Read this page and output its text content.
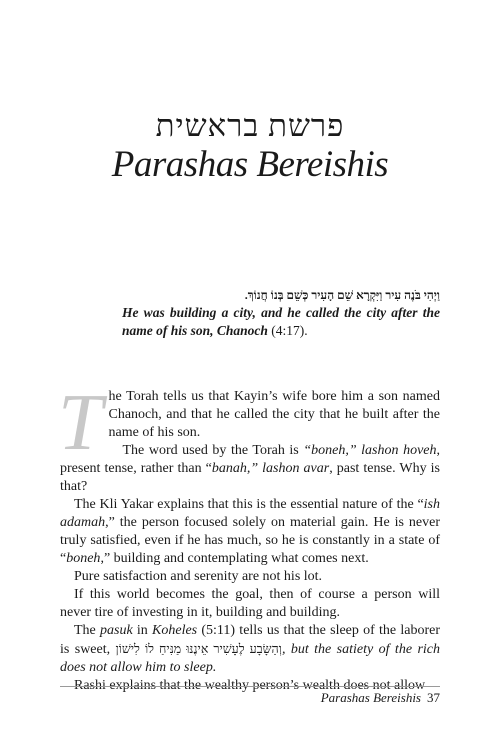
פרשת בראשית
Parashas Bereishis
וַיְהִי בֹּנֶה עִיר וַיִּקְרָא שֵׁם הָעִיר כְּשֵׁם בְּנוֹ חֲנוֹךְ.
He was building a city, and he called the city after the name of his son, Chanoch (4:17).
T he Torah tells us that Kayin’s wife bore him a son named Chanoch, and that he called the city that he built after the name of his son.

The word used by the Torah is “boneh,” lashon hoveh, present tense, rather than “banah,” lashon avar, past tense. Why is that?

The Kli Yakar explains that this is the essential nature of the “ish adamah,” the person focused solely on material gain. He is never truly satisfied, even if he has much, so he is constantly in a state of “boneh,” building and contemplating what comes next.

Pure satisfaction and serenity are not his lot.

If this world becomes the goal, then of course a person will never tire of investing in it, building and building.

The pasuk in Koheles (5:11) tells us that the sleep of the laborer is sweet, וְהַשָּׂבָע לֶעָשִׁיר אֵינֶנּוּ מַנִּיחַ לוֹ לִישׁוֹן, but the satiety of the rich does not allow him to sleep.

Rashi explains that the wealthy person’s wealth does not allow

Parashas Bereishis 37
